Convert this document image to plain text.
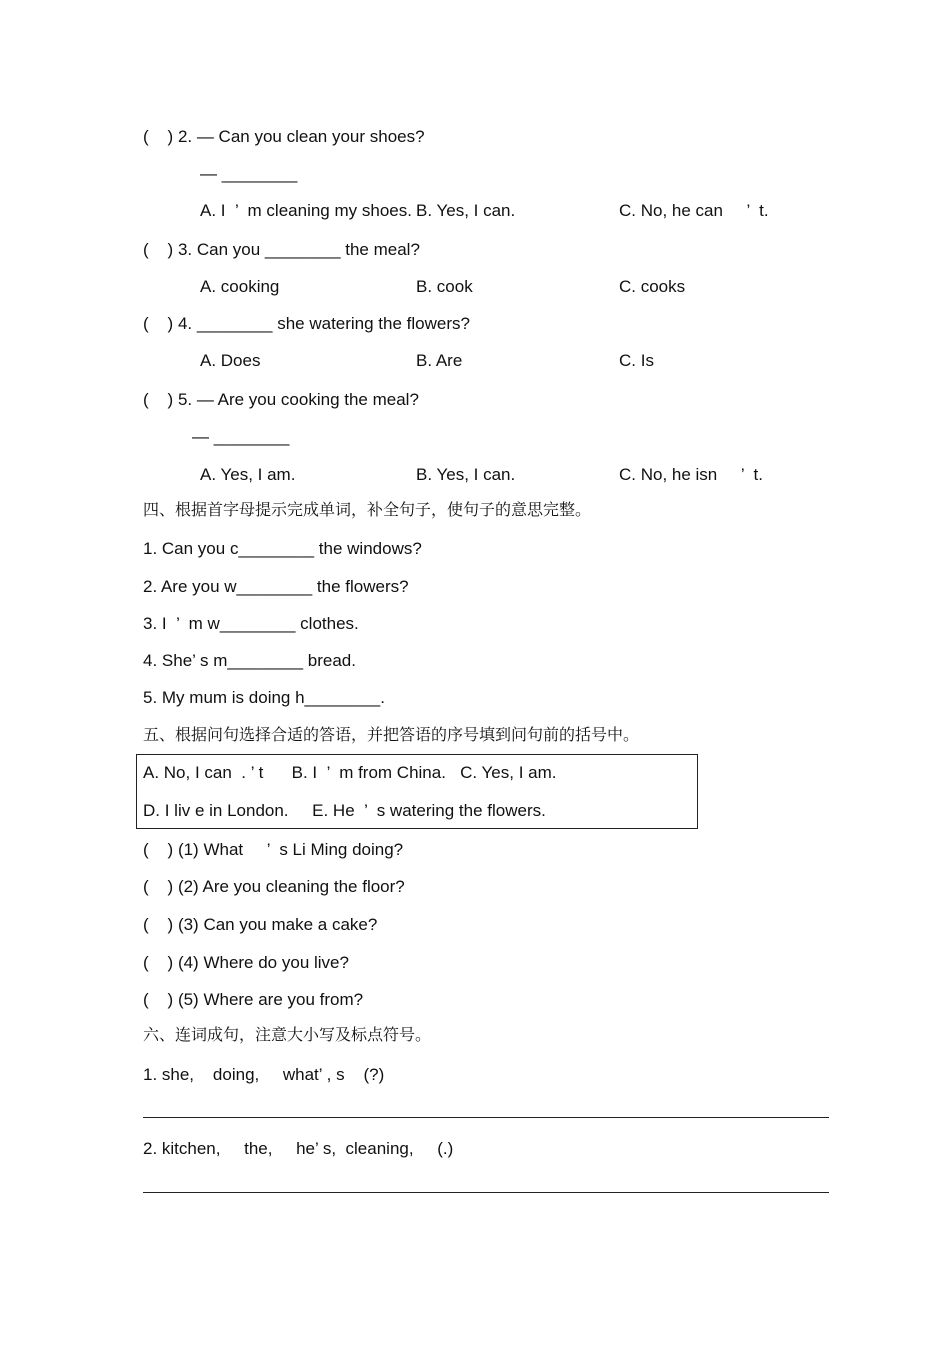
(    ) 2. — Can you clean your shoes?
— ________
A. I  ’  m cleaning my shoes. B. Yes, I can.	C. No, he can     ’  t.
(    ) 3. Can you ________ the meal?
A. cooking	B. cook	C. cooks
(    ) 4. ________ she watering the flowers?
A. Does	B. Are	C. Is
(    ) 5. — Are you cooking the meal?
— ________
A. Yes, I am.	B. Yes, I can.	C. No, he isn     ’  t.
四、根据首字母提示完成单词，补全句子，使句子的意思完整。
1. Can you c________ the windows?
2. Are you w________ the flowers?
3. I  ’  m w________ clothes.
4. She’ s m________ bread.
5. My mum is doing h________.
五、根据问句选择合适的答语，并把答语的序号填到问句前的括号中。
A. No, I can  . ’ t      B. I  ’  m from China.   C. Yes, I am.
D. I liv e in London.     E. He  ’  s watering the flowers.
(    ) (1) What     ’  s Li Ming doing?
(    ) (2) Are you cleaning the floor?
(    ) (3) Can you make a cake?
(    ) (4) Where do you live?
(    ) (5) Where are you from?
六、连词成句，注意大小写及标点符号。
1. she,    doing,     what’ , s    (?)
2. kitchen,     the,     he’ s,  cleaning,     (.)
